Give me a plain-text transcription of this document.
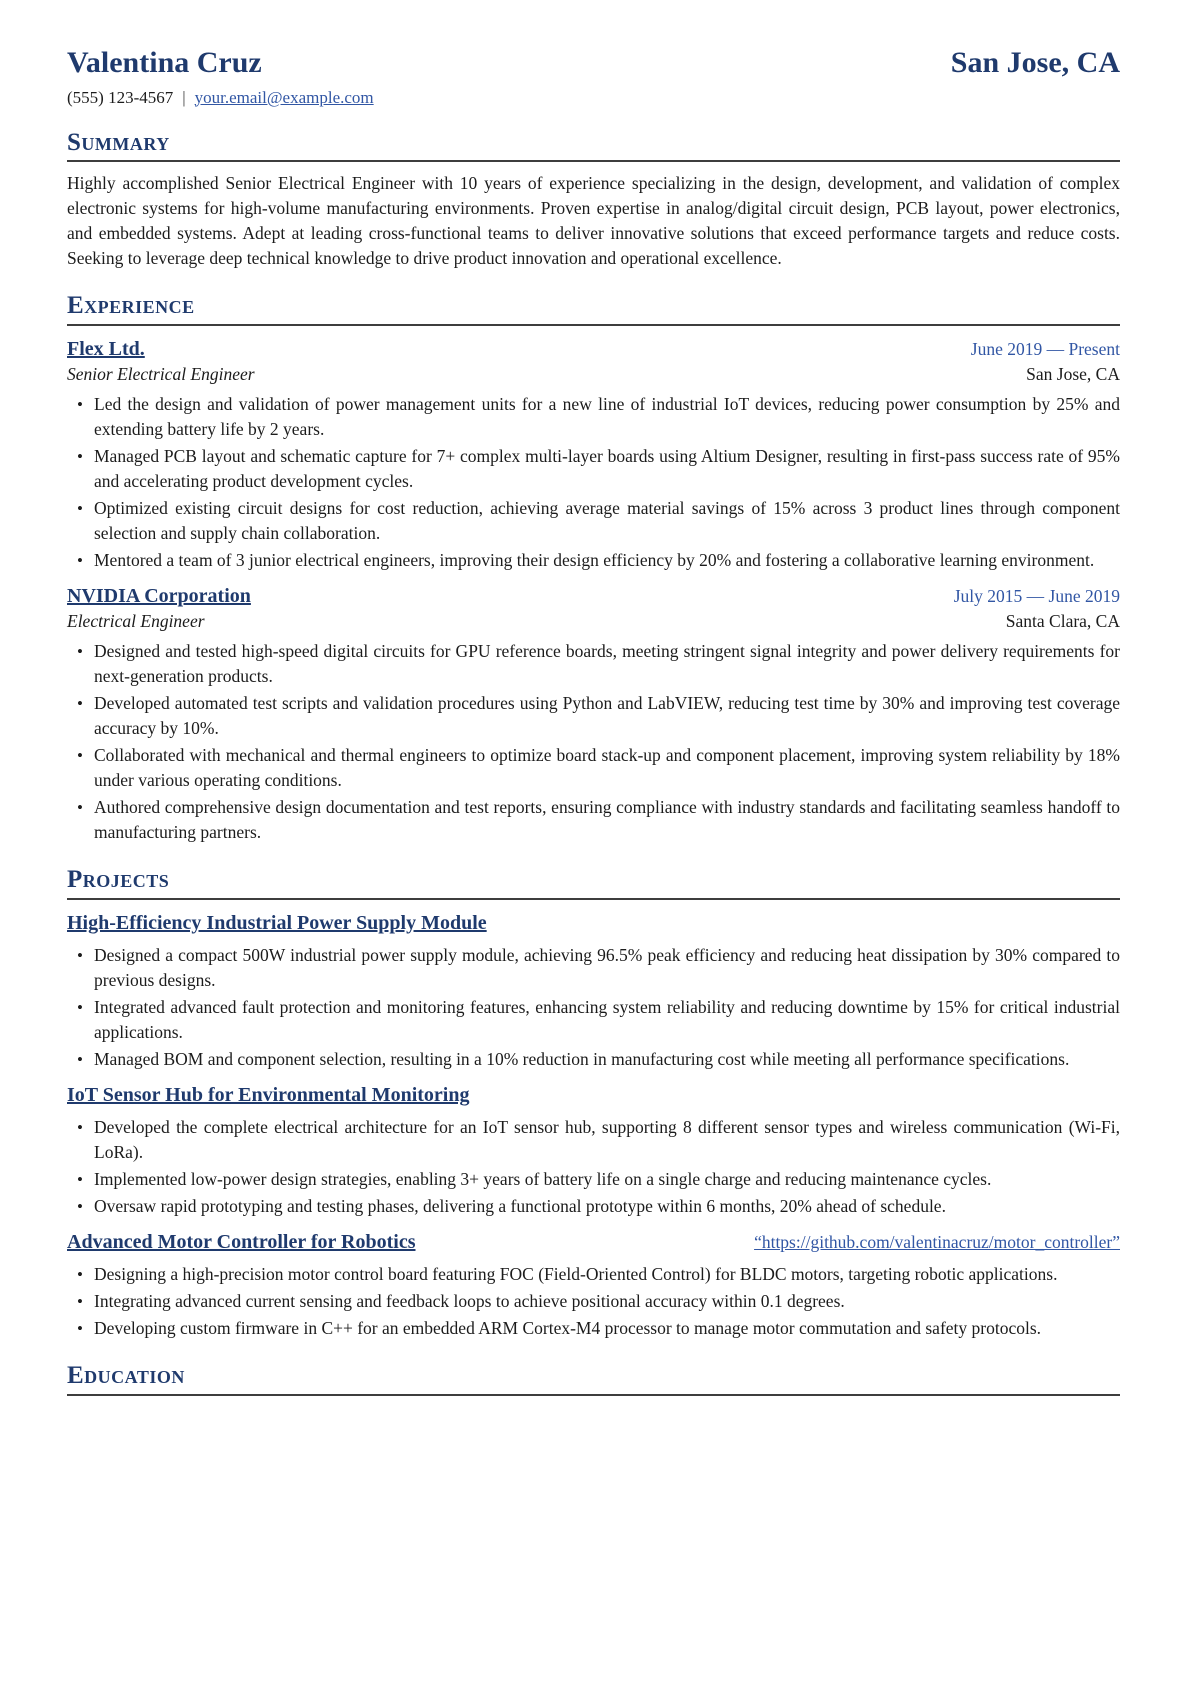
Valentina Cruz	San Jose, CA
(555) 123-4567 | your.email@example.com
Summary

Highly accomplished Senior Electrical Engineer with 10 years of experience specializing in the design, development, and validation of complex electronic systems for high-volume manufacturing environments. Proven expertise in analog/digital circuit design, PCB layout, power electronics, and embedded systems. Adept at leading cross-functional teams to deliver innovative solutions that exceed performance targets and reduce costs. Seeking to leverage deep technical knowledge to drive product innovation and operational excellence.

Experience
Flex Ltd.	June 2019 — Present
Senior Electrical Engineer	San Jose, CA
• Led the design and validation of power management units for a new line of industrial IoT devices, reducing power consumption by 25% and extending battery life by 2 years.
• Managed PCB layout and schematic capture for 7+ complex multi-layer boards using Altium Designer, resulting in first-pass success rate of 95% and accelerating product development cycles.
• Optimized existing circuit designs for cost reduction, achieving average material savings of 15% across 3 product lines through component selection and supply chain collaboration.
• Mentored a team of 3 junior electrical engineers, improving their design efficiency by 20% and fostering a collaborative learning environment.
NVIDIA Corporation	July 2015 — June 2019
Electrical Engineer	Santa Clara, CA
• Designed and tested high-speed digital circuits for GPU reference boards, meeting stringent signal integrity and power delivery requirements for next-generation products.
• Developed automated test scripts and validation procedures using Python and LabVIEW, reducing test time by 30% and improving test coverage accuracy by 10%.
• Collaborated with mechanical and thermal engineers to optimize board stack-up and component placement, improving system reliability by 18% under various operating conditions.
• Authored comprehensive design documentation and test reports, ensuring compliance with industry standards and facilitating seamless handoff to manufacturing partners.
Projects
High-Efficiency Industrial Power Supply Module
• Designed a compact 500W industrial power supply module, achieving 96.5% peak efficiency and reducing heat dissipation by 30% compared to previous designs.
• Integrated advanced fault protection and monitoring features, enhancing system reliability and reducing downtime by 15% for critical industrial applications.
• Managed BOM and component selection, resulting in a 10% reduction in manufacturing cost while meeting all performance specifications.
IoT Sensor Hub for Environmental Monitoring
• Developed the complete electrical architecture for an IoT sensor hub, supporting 8 different sensor types and wireless communication (Wi-Fi, LoRa).
• Implemented low-power design strategies, enabling 3+ years of battery life on a single charge and reducing maintenance cycles.
• Oversaw rapid prototyping and testing phases, delivering a functional prototype within 6 months, 20% ahead of schedule.
Advanced Motor Controller for Robotics	“https://github.com/valentinacruz/motor_controller”
• Designing a high-precision motor control board featuring FOC (Field-Oriented Control) for BLDC motors, targeting robotic applications.
• Integrating advanced current sensing and feedback loops to achieve positional accuracy within 0.1 degrees.
• Developing custom firmware in C++ for an embedded ARM Cortex-M4 processor to manage motor commutation and safety protocols.
Education
